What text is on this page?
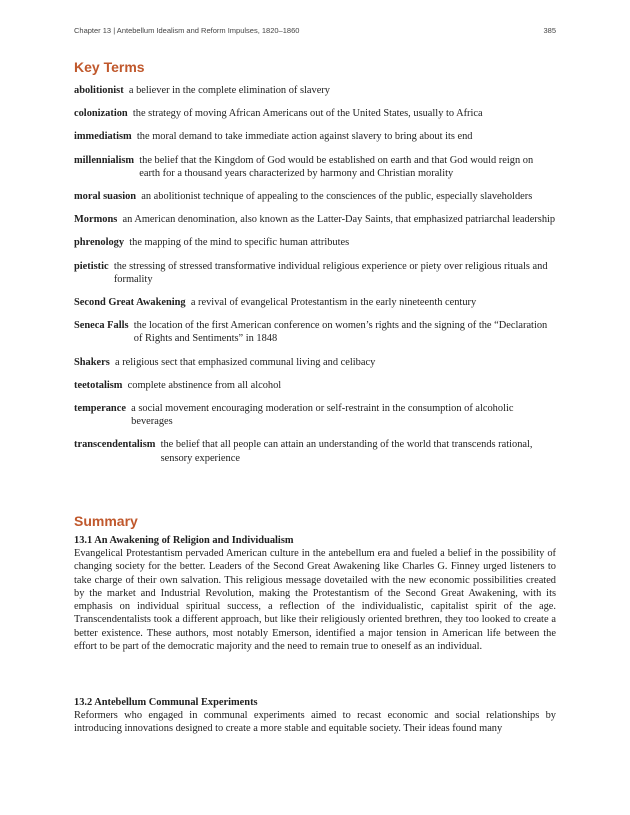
Chapter 13 | Antebellum Idealism and Reform Impulses, 1820–1860	385
Key Terms

abolitionist  a believer in the complete elimination of slavery

colonization  the strategy of moving African Americans out of the United States, usually to Africa

immediatism  the moral demand to take immediate action against slavery to bring about its end

millennialism  the belief that the Kingdom of God would be established on earth and that God would reign on earth for a thousand years characterized by harmony and Christian morality

moral suasion  an abolitionist technique of appealing to the consciences of the public, especially slaveholders

Mormons  an American denomination, also known as the Latter-Day Saints, that emphasized patriarchal leadership

phrenology  the mapping of the mind to specific human attributes

pietistic  the stressing of stressed transformative individual religious experience or piety over religious rituals and formality

Second Great Awakening  a revival of evangelical Protestantism in the early nineteenth century

Seneca Falls  the location of the first American conference on women’s rights and the signing of the “Declaration of Rights and Sentiments” in 1848

Shakers  a religious sect that emphasized communal living and celibacy

teetotalism  complete abstinence from all alcohol

temperance  a social movement encouraging moderation or self-restraint in the consumption of alcoholic beverages

transcendentalism  the belief that all people can attain an understanding of the world that transcends rational, sensory experience

Summary
13.1 An Awakening of Religion and Individualism

Evangelical Protestantism pervaded American culture in the antebellum era and fueled a belief in the possibility of changing society for the better. Leaders of the Second Great Awakening like Charles G. Finney urged listeners to take charge of their own salvation. This religious message dovetailed with the new economic possibilities created by the market and Industrial Revolution, making the Protestantism of the Second Great Awakening, with its emphasis on individual spiritual success, a reflection of the individualistic, capitalist spirit of the age. Transcendentalists took a different approach, but like their religiously oriented brethren, they too looked to create a better existence. These authors, most notably Emerson, identified a major tension in American life between the effort to be part of the democratic majority and the need to remain true to oneself as an individual.

13.2 Antebellum Communal Experiments

Reformers who engaged in communal experiments aimed to recast economic and social relationships by introducing innovations designed to create a more stable and equitable society. Their ideas found many
